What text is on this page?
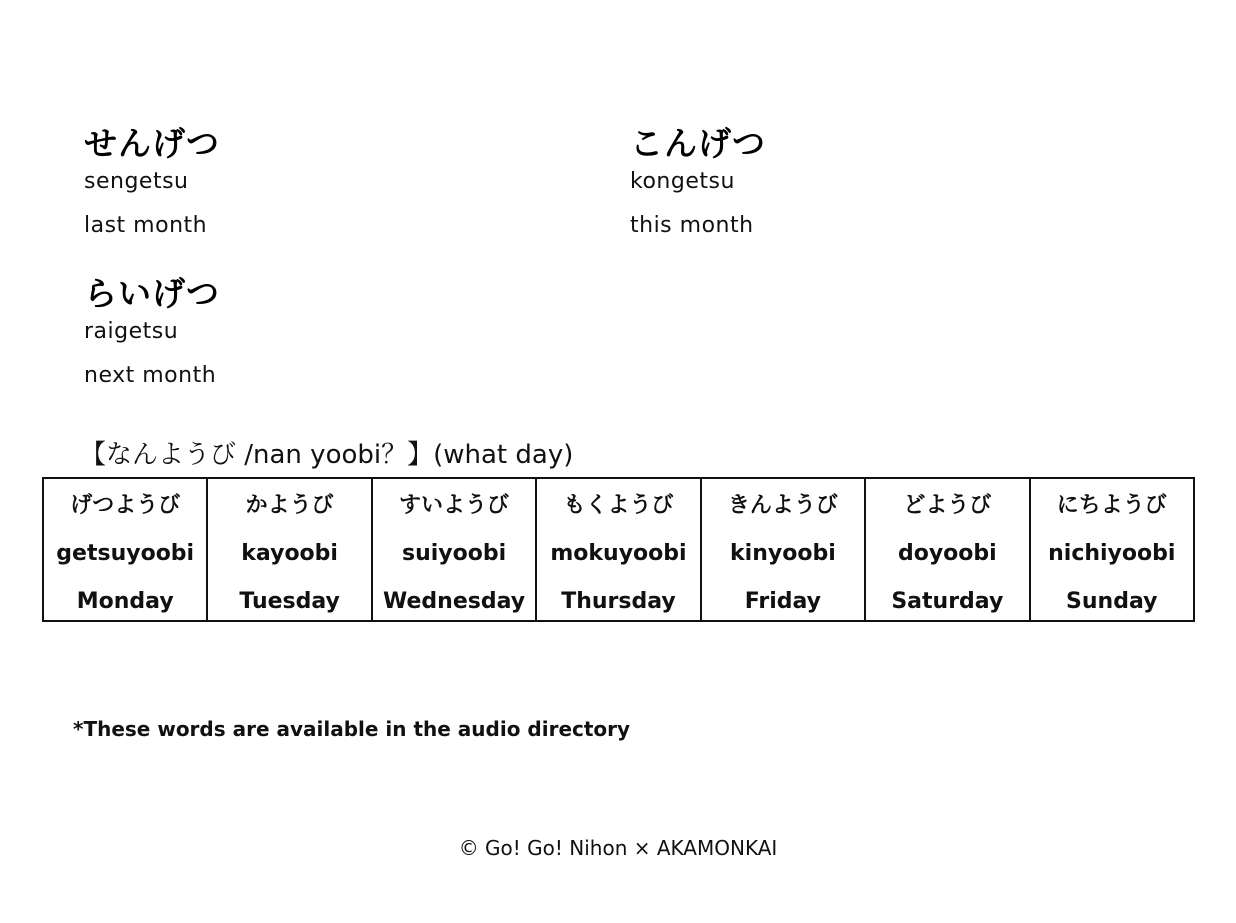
せんげつ
sengetsu
last month
こんげつ
kongetsu
this month
らいげつ
raigetsu
next month
【なんようび /nan yoobi？】(what day)
げつようび
getsuyoobi
Monday

かようび
kayoobi
Tuesday

すいようび
suiyoobi
Wednesday

もくようび
mokuyoobi
Thursday

きんようび
kinyoobi
Friday

どようび
doyoobi
Saturday

にちようび
nichiyoobi
Sunday
*These words are available in the audio directory
© Go! Go! Nihon × AKAMONKAI
